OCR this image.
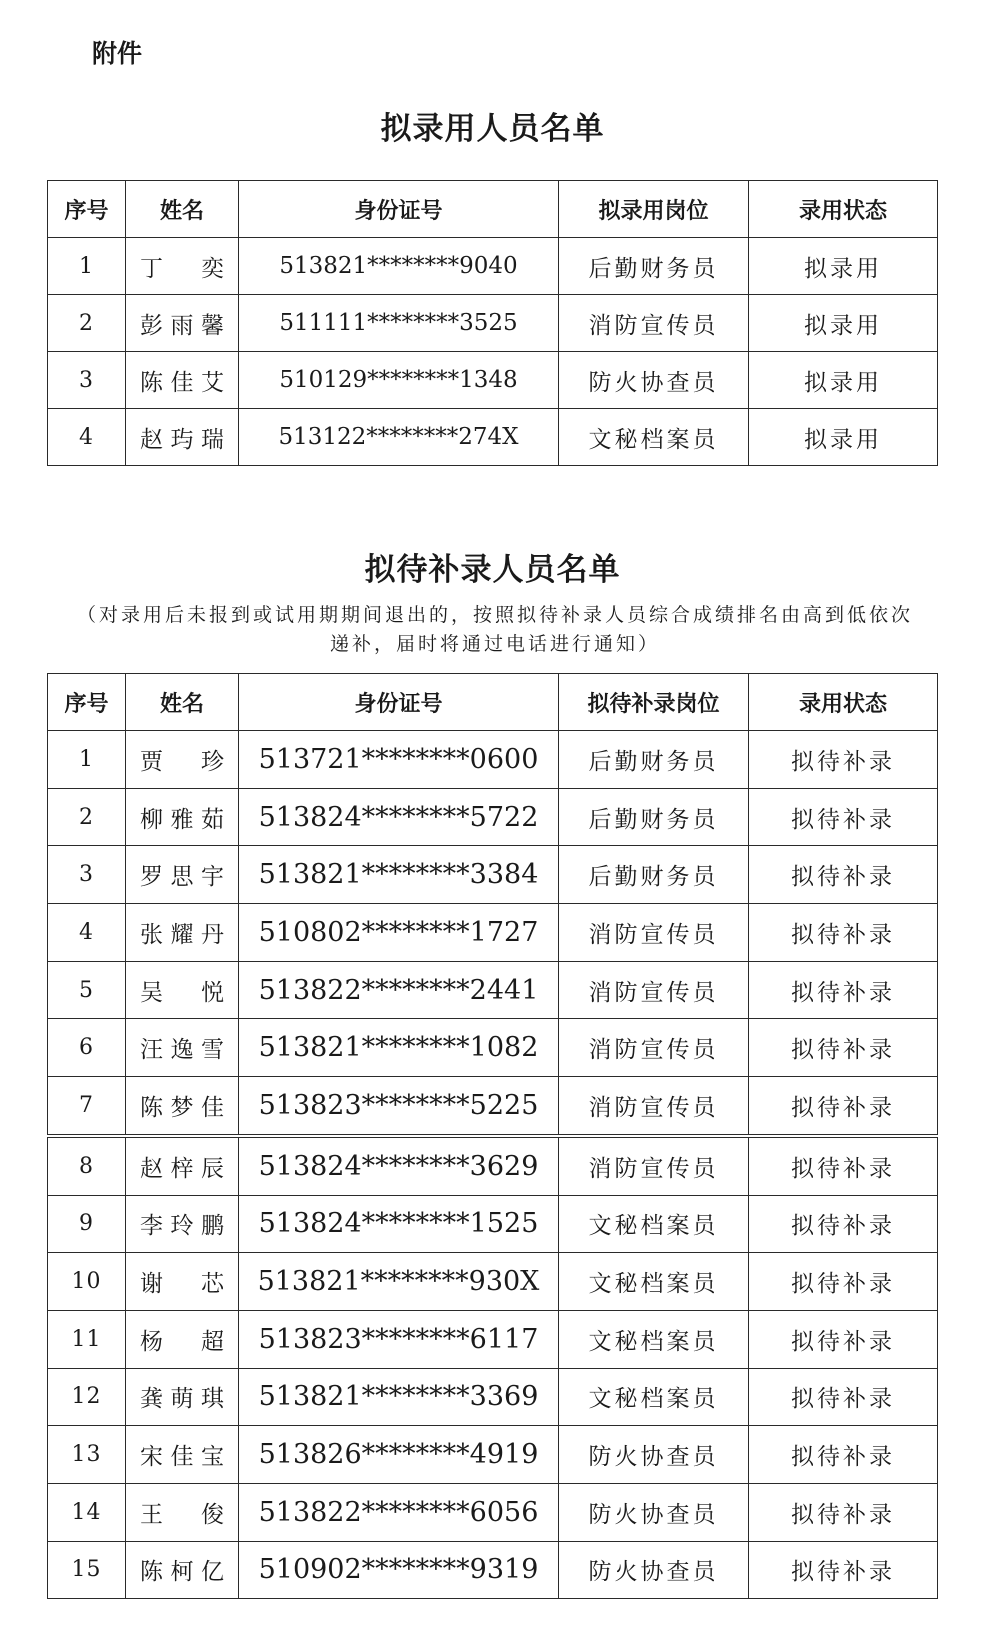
附件
拟录用人员名单
序号	姓名	身份证号	拟录用岗位	录用状态
1	丁　奕	513821********9040	后勤财务员	拟录用
2	彭雨馨	511111********3525	消防宣传员	拟录用
3	陈佳艾	510129********1348	防火协查员	拟录用
4	赵玙瑞	513122********274X	文秘档案员	拟录用
拟待补录人员名单
（对录用后未报到或试用期期间退出的，按照拟待补录人员综合成绩排名由高到低依次递补，届时将通过电话进行通知）
序号	姓名	身份证号	拟待补录岗位	录用状态
1	贾　珍	513721********0600	后勤财务员	拟待补录
2	柳雅茹	513824********5722	后勤财务员	拟待补录
3	罗思宇	513821********3384	后勤财务员	拟待补录
4	张耀丹	510802********1727	消防宣传员	拟待补录
5	吴　悦	513822********2441	消防宣传员	拟待补录
6	汪逸雪	513821********1082	消防宣传员	拟待补录
7	陈梦佳	513823********5225	消防宣传员	拟待补录
8	赵梓辰	513824********3629	消防宣传员	拟待补录
9	李玲鹏	513824********1525	文秘档案员	拟待补录
10	谢　芯	513821********930X	文秘档案员	拟待补录
11	杨　超	513823********6117	文秘档案员	拟待补录
12	龚萌琪	513821********3369	文秘档案员	拟待补录
13	宋佳宝	513826********4919	防火协查员	拟待补录
14	王　俊	513822********6056	防火协查员	拟待补录
15	陈柯亿	510902********9319	防火协查员	拟待补录
